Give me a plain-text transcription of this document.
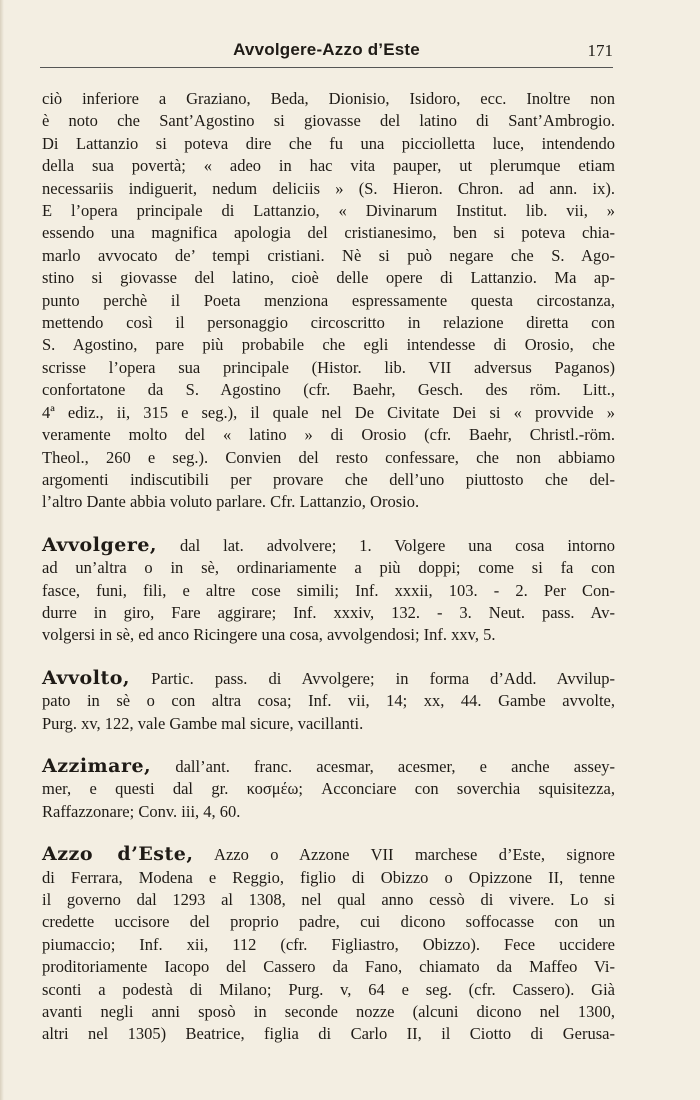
Avvolgere-Azzo d’Este	171
ciò inferiore a Graziano, Beda, Dionisio, Isidoro, ecc. Inoltre non
è noto che Sant’Agostino si giovasse del latino di Sant’Ambrogio.
Di Lattanzio si poteva dire che fu una picciolletta luce, intendendo
della sua povertà; « adeo in hac vita pauper, ut plerumque etiam
necessariis indiguerit, nedum deliciis » (S. Hieron. Chron. ad ann. ix).
E l’opera principale di Lattanzio, « Divinarum Institut. lib. vii, »
essendo una magnifica apologia del cristianesimo, ben si poteva chia-
marlo avvocato de’ tempi cristiani. Nè si può negare che S. Ago-
stino si giovasse del latino, cioè delle opere di Lattanzio. Ma ap-
punto perchè il Poeta menziona espressamente questa circostanza,
mettendo così il personaggio circoscritto in relazione diretta con
S. Agostino, pare più probabile che egli intendesse di Orosio, che
scrisse l’opera sua principale (Histor. lib. VII adversus Paganos)
confortatone da S. Agostino (cfr. Baehr, Gesch. des röm. Litt.,
4ª ediz., ii, 315 e seg.), il quale nel De Civitate Dei si « provvide »
veramente molto del « latino » di Orosio (cfr. Baehr, Christl.-röm.
Theol., 260 e seg.). Convien del resto confessare, che non abbiamo
argomenti indiscutibili per provare che dell’uno piuttosto che del-
l’altro Dante abbia voluto parlare. Cfr. Lattanzio, Orosio.
Avvolgere, dal lat. advolvere; 1. Volgere una cosa intorno
ad un’altra o in sè, ordinariamente a più doppi; come si fa con
fasce, funi, fili, e altre cose simili; Inf. xxxii, 103. - 2. Per Con-
durre in giro, Fare aggirare; Inf. xxxiv, 132. - 3. Neut. pass. Av-
volgersi in sè, ed anco Ricingere una cosa, avvolgendosi; Inf. xxv, 5.
Avvolto, Partic. pass. di Avvolgere; in forma d’Add. Avvilup-
pato in sè o con altra cosa; Inf. vii, 14; xx, 44. Gambe avvolte,
Purg. xv, 122, vale Gambe mal sicure, vacillanti.
Azzimare, dall’ant. franc. acesmar, acesmer, e anche assey-
mer, e questi dal gr. κοσμέω; Acconciare con soverchia squisitezza,
Raffazzonare; Conv. iii, 4, 60.
Azzo d’Este, Azzo o Azzone VII marchese d’Este, signore
di Ferrara, Modena e Reggio, figlio di Obizzo o Opizzone II, tenne
il governo dal 1293 al 1308, nel qual anno cessò di vivere. Lo si
credette uccisore del proprio padre, cui dicono soffocasse con un
piumaccio; Inf. xii, 112 (cfr. Figliastro, Obizzo). Fece uccidere
proditoriamente Iacopo del Cassero da Fano, chiamato da Maffeo Vi-
sconti a podestà di Milano; Purg. v, 64 e seg. (cfr. Cassero). Già
avanti negli anni sposò in seconde nozze (alcuni dicono nel 1300,
altri nel 1305) Beatrice, figlia di Carlo II, il Ciotto di Gerusa-
